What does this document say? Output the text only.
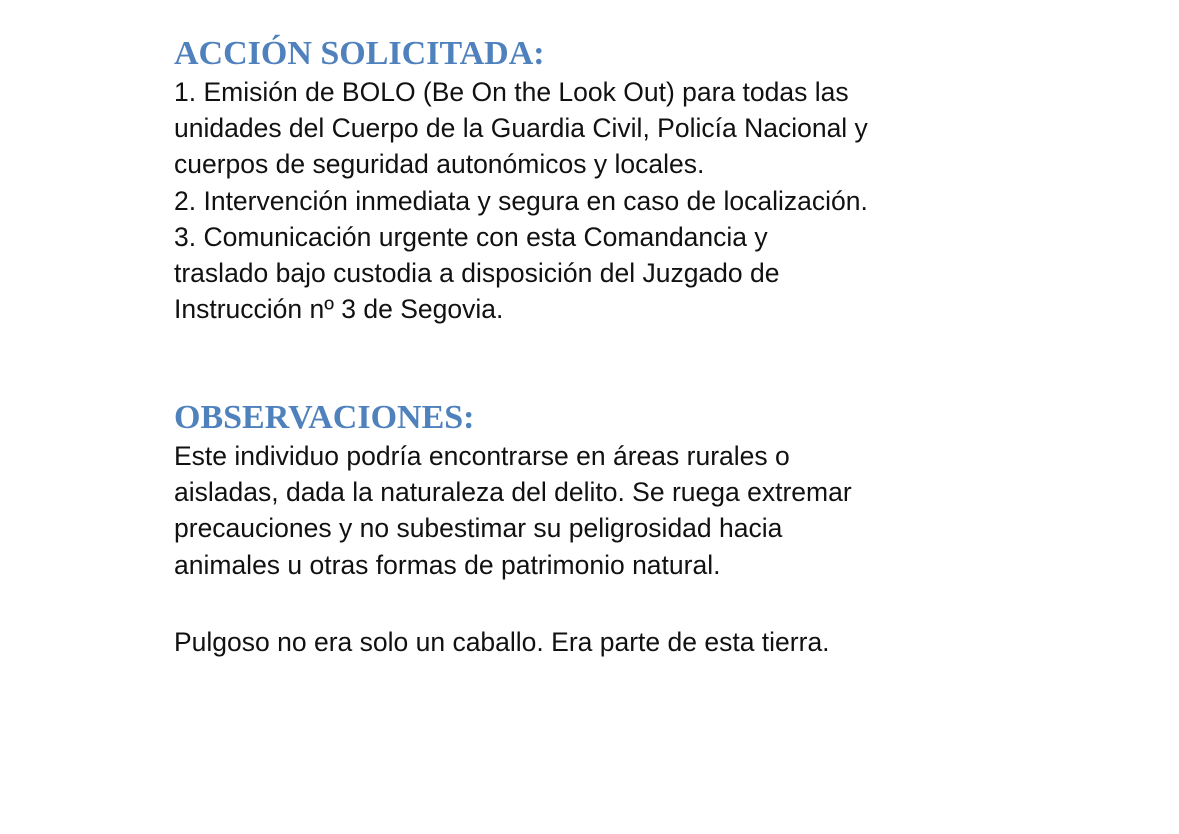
ACCIÓN SOLICITADA:

1. Emisión de BOLO (Be On the Look Out) para todas las

unidades del Cuerpo de la Guardia Civil, Policía Nacional y

cuerpos de seguridad autonómicos y locales.

2. Intervención inmediata y segura en caso de localización.

3. Comunicación urgente con esta Comandancia y

traslado bajo custodia a disposición del Juzgado de

Instrucción nº 3 de Segovia.

OBSERVACIONES:

Este individuo podría encontrarse en áreas rurales o

aisladas, dada la naturaleza del delito. Se ruega extremar

precauciones y no subestimar su peligrosidad hacia

animales u otras formas de patrimonio natural.

Pulgoso no era solo un caballo. Era parte de esta tierra.
